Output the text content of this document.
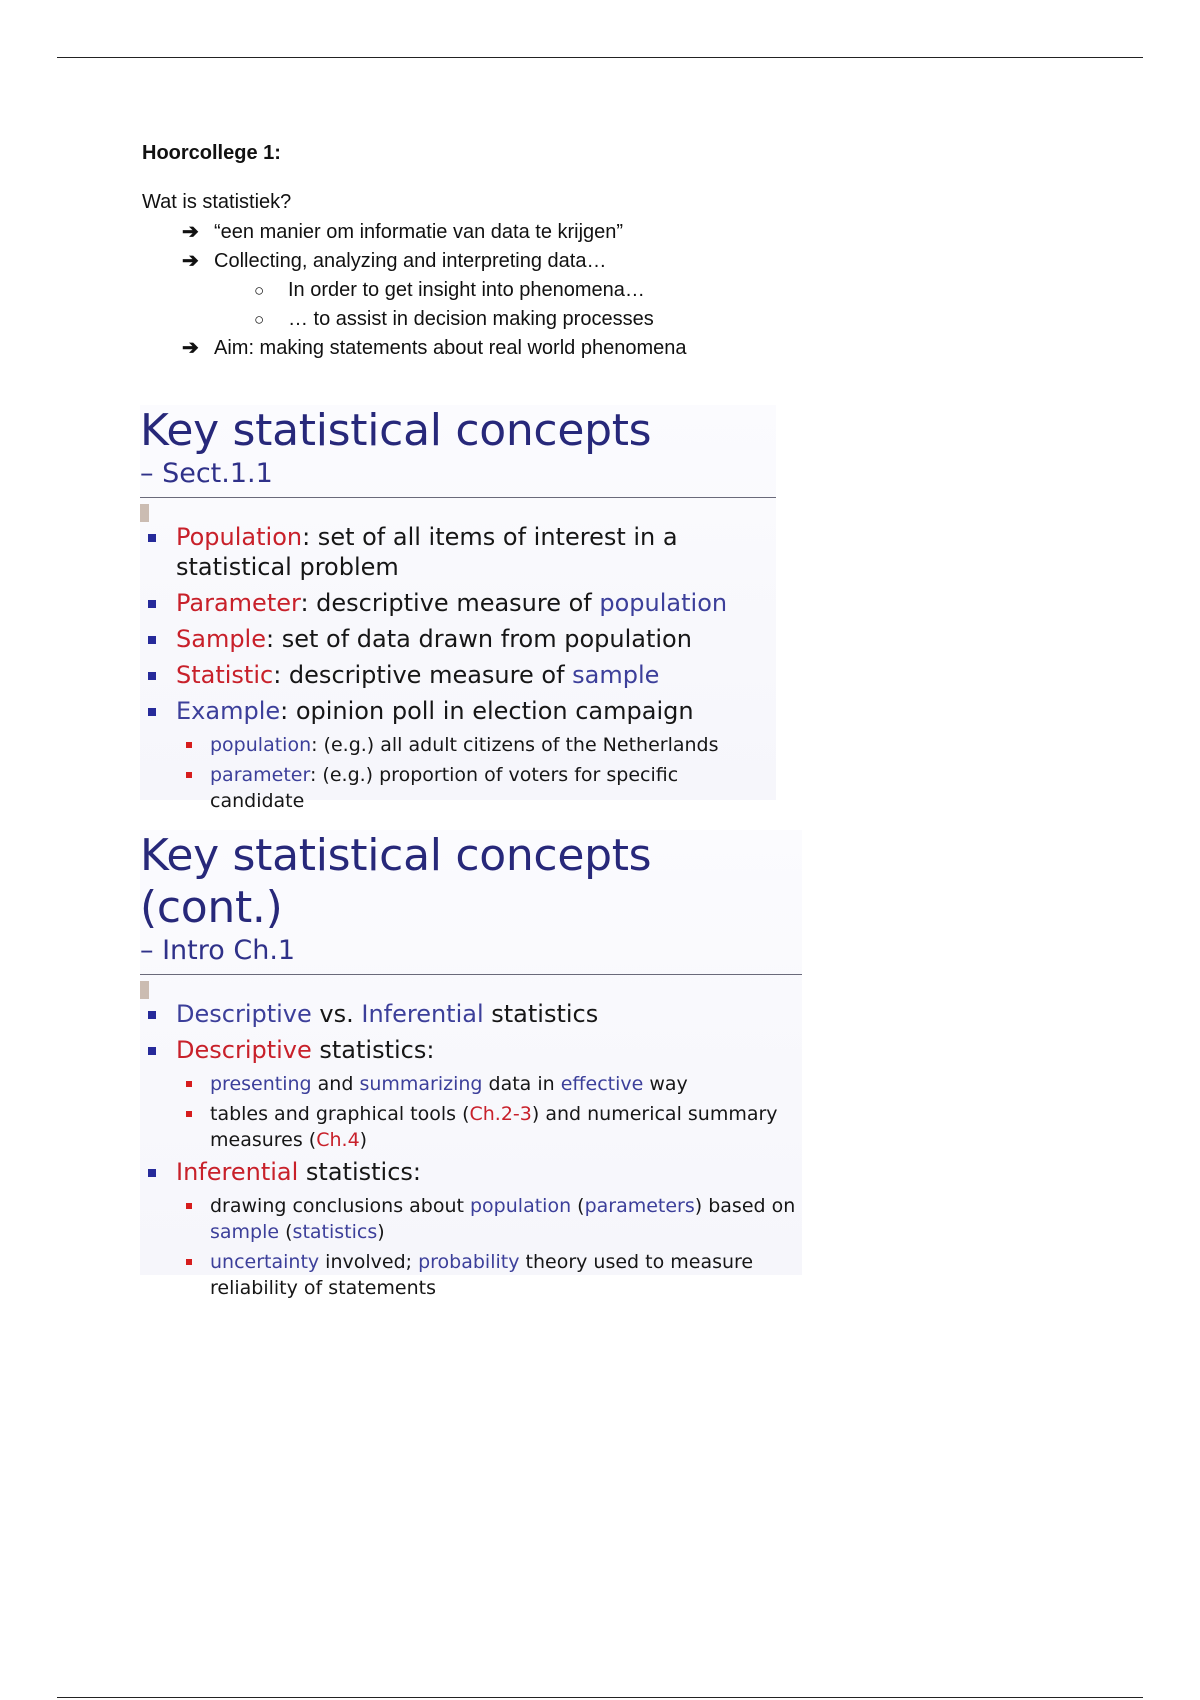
Hoorcollege 1:

Wat is statistiek?

➔ “een manier om informatie van data te krijgen”
➔ Collecting, analyzing and interpreting data…
○ In order to get insight into phenomena…
○ … to assist in decision making processes
➔ Aim: making statements about real world phenomena

Key statistical concepts

– Sect.1.1

Population: set of all items of interest in a statistical problem
Parameter: descriptive measure of population
Sample: set of data drawn from population
Statistic: descriptive measure of sample
Example: opinion poll in election campaign
population: (e.g.) all adult citizens of the Netherlands
parameter: (e.g.) proportion of voters for specific candidate

Key statistical concepts (cont.)

– Intro Ch.1

Descriptive vs. Inferential statistics
Descriptive statistics:
presenting and summarizing data in effective way
tables and graphical tools (Ch.2-3) and numerical summary measures (Ch.4)
Inferential statistics:
drawing conclusions about population (parameters) based on sample (statistics)
uncertainty involved; probability theory used to measure reliability of statements
